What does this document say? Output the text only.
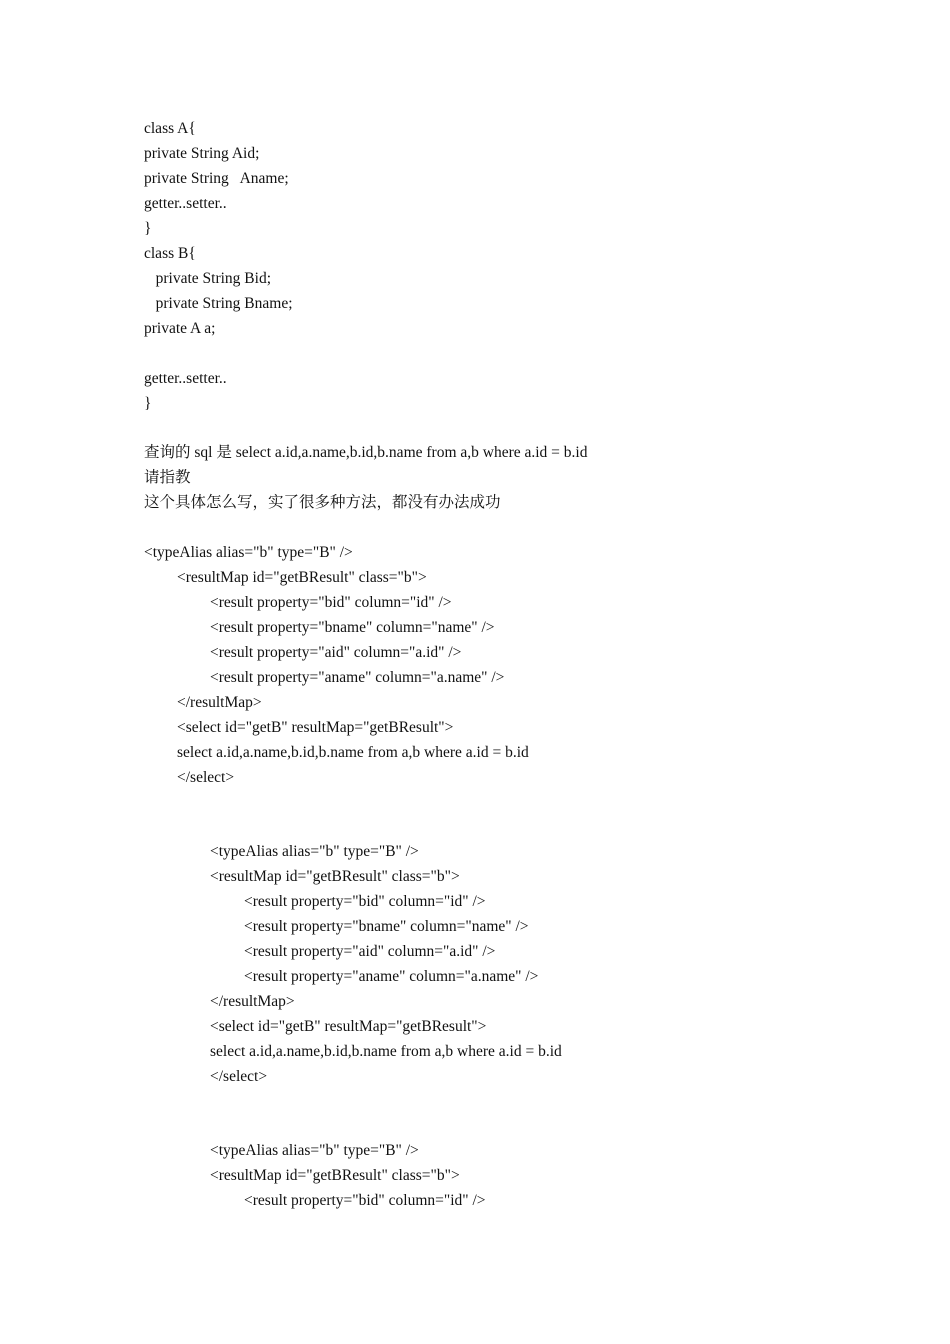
class A{
private String Aid;
private String   Aname;
getter..setter..
}
class B{
private String Bid;
private String Bname;
private A a;
getter..setter..
}
查询的 sql 是 select a.id,a.name,b.id,b.name from a,b where a.id = b.id
请指教
这个具体怎么写，实了很多种方法，都没有办法成功
<typeAlias alias="b" type="B" />
<resultMap id="getBResult" class="b">
<result property="bid" column="id" />
<result property="bname" column="name" />
<result property="aid" column="a.id" />
<result property="aname" column="a.name" />
</resultMap>
<select id="getB" resultMap="getBResult">
select a.id,a.name,b.id,b.name from a,b where a.id = b.id
</select>
<typeAlias alias="b" type="B" />
<resultMap id="getBResult" class="b">
<result property="bid" column="id" />
<result property="bname" column="name" />
<result property="aid" column="a.id" />
<result property="aname" column="a.name" />
</resultMap>
<select id="getB" resultMap="getBResult">
select a.id,a.name,b.id,b.name from a,b where a.id = b.id
</select>
<typeAlias alias="b" type="B" />
<resultMap id="getBResult" class="b">
<result property="bid" column="id" />
